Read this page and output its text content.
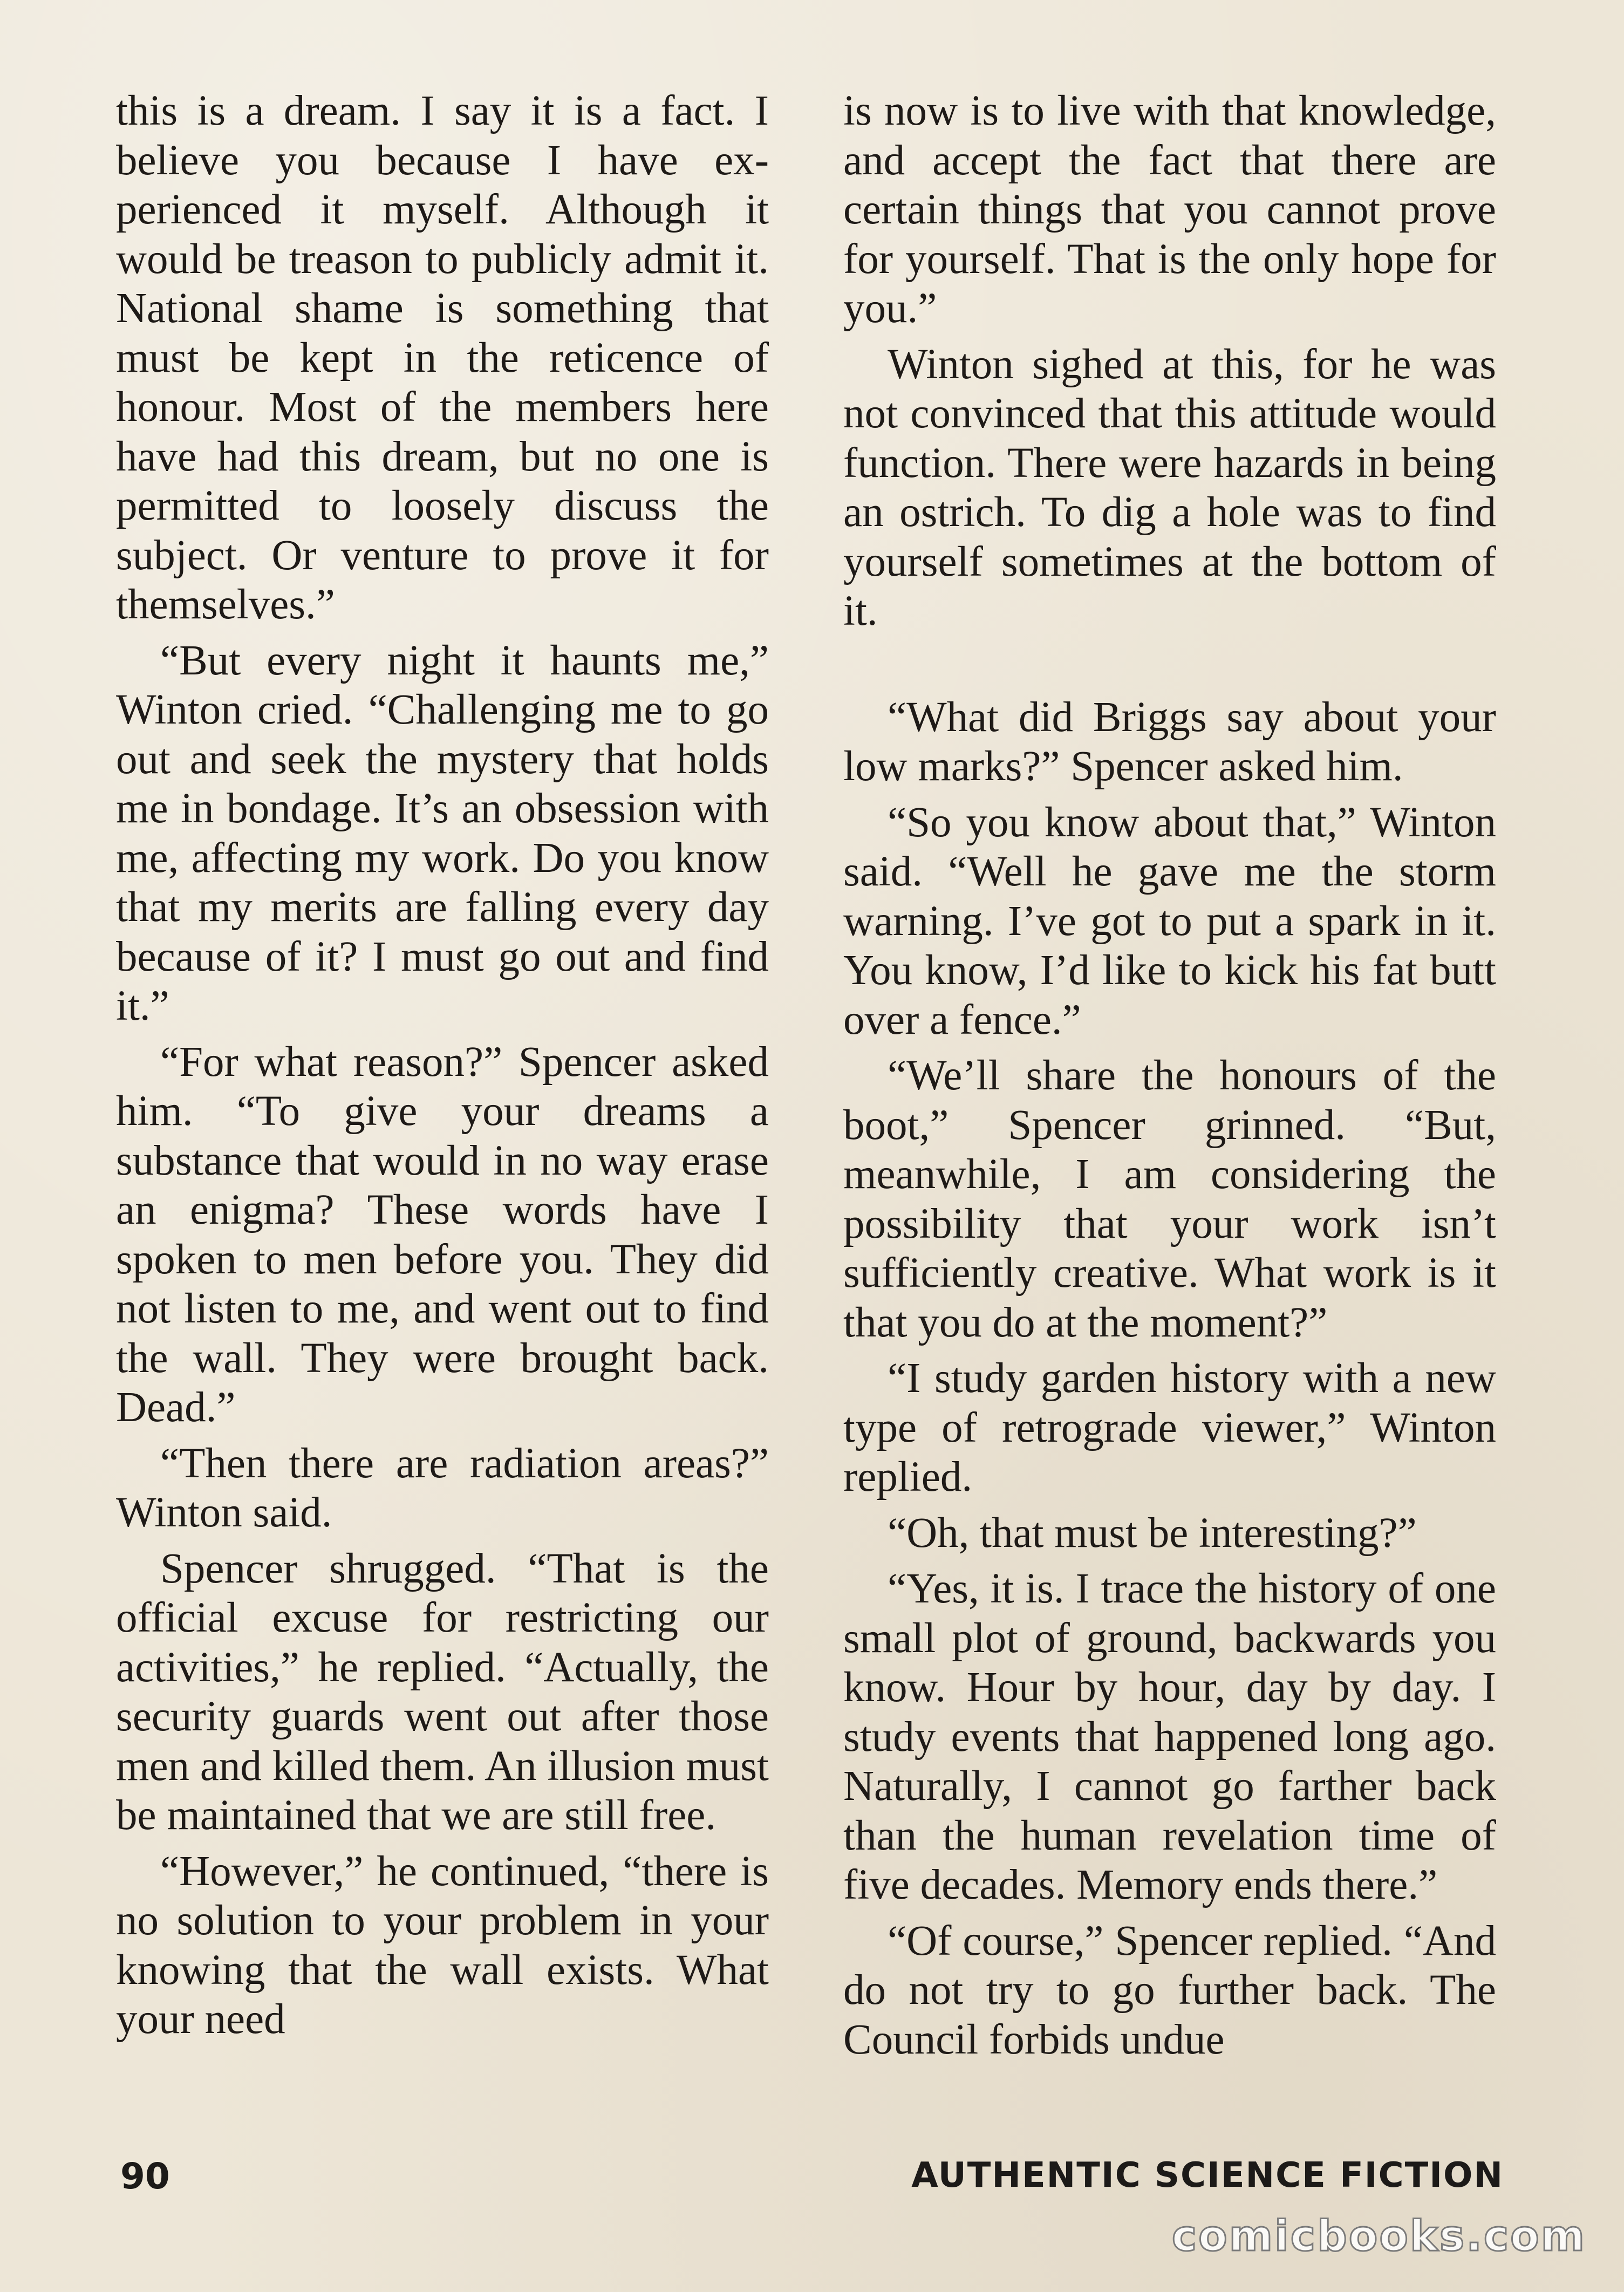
this is a dream. I say it is a fact. I believe you because I have experienced it myself. Although it would be treason to publicly admit it. National shame is something that must be kept in the reticence of honour. Most of the members here have had this dream, but no one is permitted to loosely discuss the subject. Or venture to prove it for themselves.”

“But every night it haunts me,” Winton cried. “Challenging me to go out and seek the mystery that holds me in bondage. It’s an obsession with me, affecting my work. Do you know that my merits are falling every day because of it? I must go out and find it.”

“For what reason?” Spencer asked him. “To give your dreams a substance that would in no way erase an enigma? These words have I spoken to men before you. They did not listen to me, and went out to find the wall. They were brought back. Dead.”

“Then there are radiation areas?” Winton said.

Spencer shrugged. “That is the official excuse for restricting our activities,” he replied. “Actually, the security guards went out after those men and killed them. An illusion must be maintained that we are still free.

“However,” he continued, “there is no solution to your problem in your knowing that the wall exists. What your need

is now is to live with that knowledge, and accept the fact that there are certain things that you cannot prove for yourself. That is the only hope for you.”

Winton sighed at this, for he was not convinced that this attitude would function. There were hazards in being an ostrich. To dig a hole was to find yourself sometimes at the bottom of it.

“What did Briggs say about your low marks?” Spencer asked him.

“So you know about that,” Winton said. “Well he gave me the storm warning. I’ve got to put a spark in it. You know, I’d like to kick his fat butt over a fence.”

“We’ll share the honours of the boot,” Spencer grinned. “But, meanwhile, I am considering the possibility that your work isn’t sufficiently creative. What work is it that you do at the moment?”

“I study garden history with a new type of retrograde viewer,” Winton replied.

“Oh, that must be interesting?”

“Yes, it is. I trace the history of one small plot of ground, backwards you know. Hour by hour, day by day. I study events that happened long ago. Naturally, I cannot go farther back than the human revelation time of five decades. Memory ends there.”

“Of course,” Spencer replied. “And do not try to go further back. The Council forbids undue

90	AUTHENTIC SCIENCE FICTION
comicbooks.com
